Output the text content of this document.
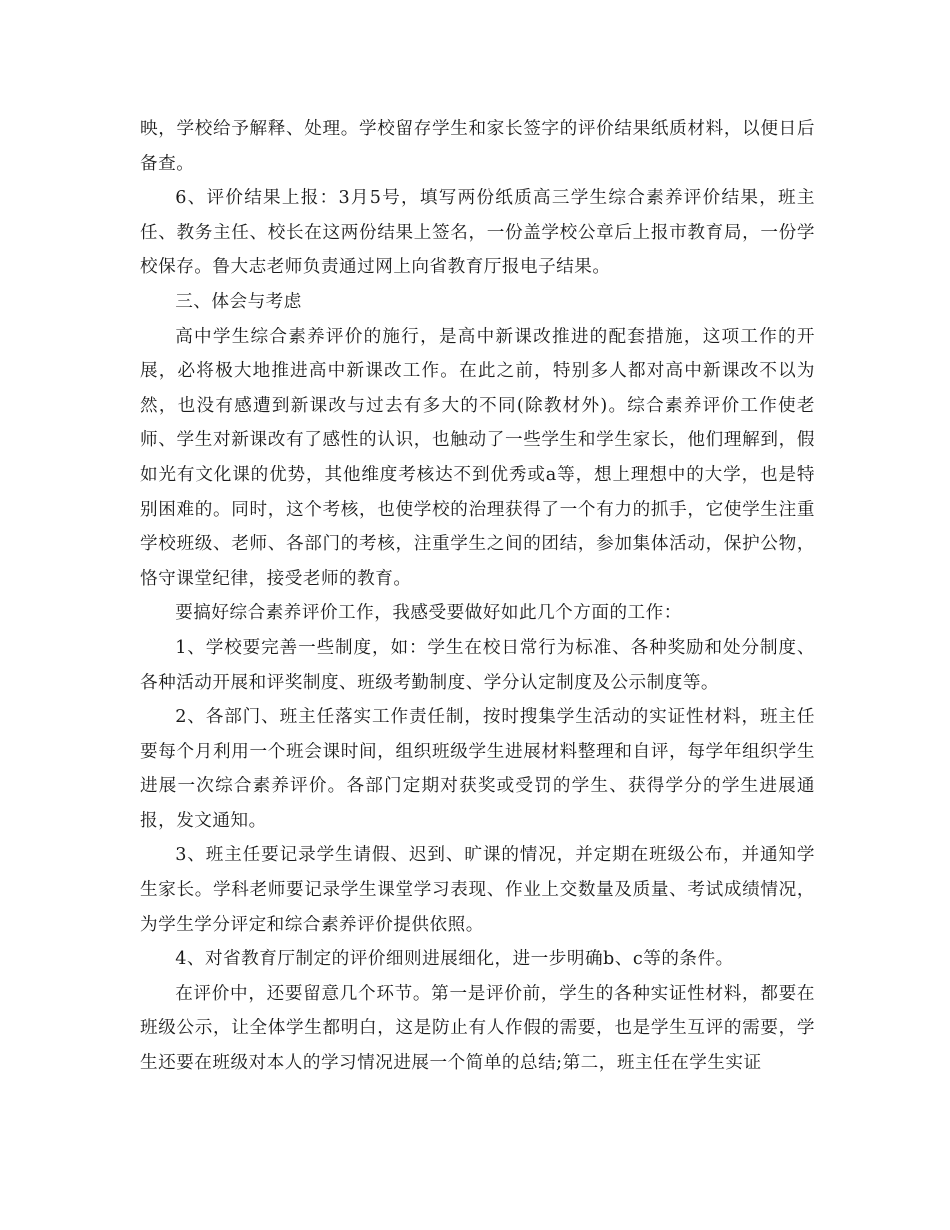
映，学校给予解释、处理。学校留存学生和家长签字的评价结果纸质材料，以便日后备查。

6、评价结果上报：3月5号，填写两份纸质高三学生综合素养评价结果，班主任、教务主任、校长在这两份结果上签名，一份盖学校公章后上报市教育局，一份学校保存。鲁大志老师负责通过网上向省教育厅报电子结果。

三、体会与考虑

高中学生综合素养评价的施行，是高中新课改推进的配套措施，这项工作的开展，必将极大地推进高中新课改工作。在此之前，特别多人都对高中新课改不以为然，也没有感遭到新课改与过去有多大的不同(除教材外)。综合素养评价工作使老师、学生对新课改有了感性的认识，也触动了一些学生和学生家长，他们理解到，假如光有文化课的优势，其他维度考核达不到优秀或a等，想上理想中的大学，也是特别困难的。同时，这个考核，也使学校的治理获得了一个有力的抓手，它使学生注重学校班级、老师、各部门的考核，注重学生之间的团结，参加集体活动，保护公物，恪守课堂纪律，接受老师的教育。

要搞好综合素养评价工作，我感受要做好如此几个方面的工作：

1、学校要完善一些制度，如：学生在校日常行为标准、各种奖励和处分制度、各种活动开展和评奖制度、班级考勤制度、学分认定制度及公示制度等。

2、各部门、班主任落实工作责任制，按时搜集学生活动的实证性材料，班主任要每个月利用一个班会课时间，组织班级学生进展材料整理和自评，每学年组织学生进展一次综合素养评价。各部门定期对获奖或受罚的学生、获得学分的学生进展通报，发文通知。

3、班主任要记录学生请假、迟到、旷课的情况，并定期在班级公布，并通知学生家长。学科老师要记录学生课堂学习表现、作业上交数量及质量、考试成绩情况，为学生学分评定和综合素养评价提供依照。

4、对省教育厅制定的评价细则进展细化，进一步明确b、c等的条件。

在评价中，还要留意几个环节。第一是评价前，学生的各种实证性材料，都要在班级公示，让全体学生都明白，这是防止有人作假的需要，也是学生互评的需要，学生还要在班级对本人的学习情况进展一个简单的总结;第二，班主任在学生实证
